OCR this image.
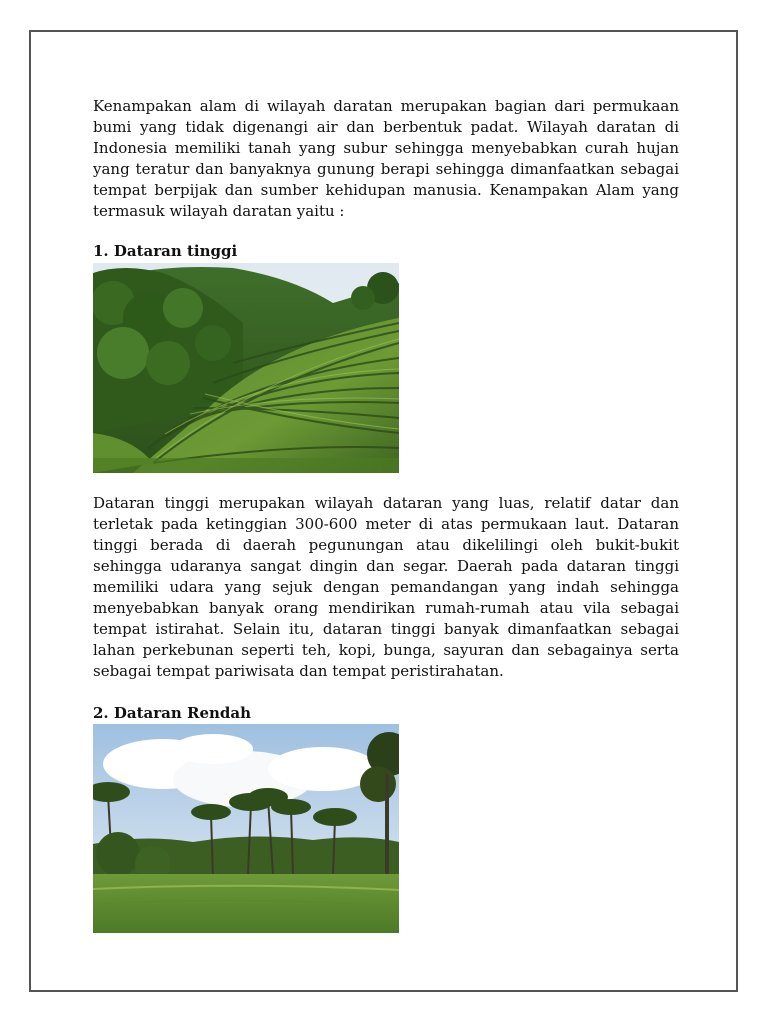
Kenampakan alam di wilayah daratan merupakan bagian dari permukaan bumi yang tidak digenangi air dan berbentuk padat. Wilayah daratan di Indonesia memiliki tanah yang subur sehingga menyebabkan curah hujan yang teratur dan banyaknya gunung berapi sehingga dimanfaatkan sebagai tempat berpijak dan sumber kehidupan manusia. Kenampakan Alam yang termasuk wilayah daratan yaitu :

1. Dataran tinggi

Dataran tinggi merupakan wilayah dataran yang luas, relatif datar dan terletak pada ketinggian 300-600 meter di atas permukaan laut. Dataran tinggi berada di daerah pegunungan atau dikelilingi oleh bukit-bukit sehingga udaranya sangat dingin dan segar. Daerah pada dataran tinggi memiliki udara yang sejuk dengan pemandangan yang indah sehingga menyebabkan banyak orang mendirikan rumah-rumah atau vila sebagai tempat istirahat. Selain itu, dataran tinggi banyak dimanfaatkan sebagai lahan perkebunan seperti teh, kopi, bunga, sayuran dan sebagainya serta sebagai tempat pariwisata dan tempat peristirahatan.

2. Dataran Rendah
